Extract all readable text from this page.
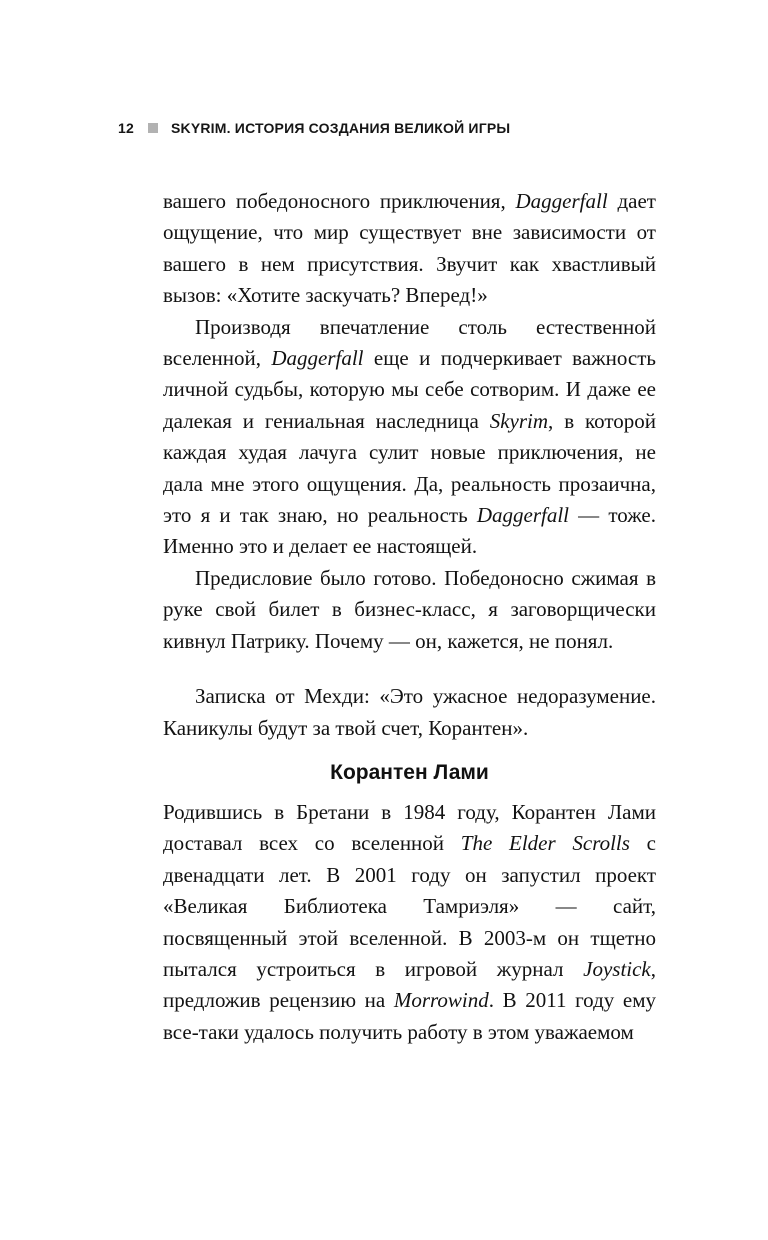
12	SKYRIM. ИСТОРИЯ СОЗДАНИЯ ВЕЛИКОЙ ИГРЫ

вашего победоносного приключения, Daggerfall дает ощущение, что мир существует вне зависимости от вашего в нем присутствия. Звучит как хвастливый вызов: «Хотите заскучать? Вперед!»

Производя впечатление столь естественной вселенной, Daggerfall еще и подчеркивает важность личной судьбы, которую мы себе сотворим. И даже ее далекая и гениальная наследница Skyrim, в которой каждая худая лачуга сулит новые приключения, не дала мне этого ощущения. Да, реальность прозаична, это я и так знаю, но реальность Daggerfall — тоже. Именно это и делает ее настоящей.

Предисловие было готово. Победоносно сжимая в руке свой билет в бизнес-класс, я заговорщически кивнул Патрику. Почему — он, кажется, не понял.

Записка от Мехди: «Это ужасное недоразумение. Каникулы будут за твой счет, Корантен».

Корантен Лами

Родившись в Бретани в 1984 году, Корантен Лами доставал всех со вселенной The Elder Scrolls с двенадцати лет. В 2001 году он запустил проект «Великая Библиотека Тамриэля» — сайт, посвященный этой вселенной. В 2003-м он тщетно пытался устроиться в игровой журнал Joystick, предложив рецензию на Morrowind. В 2011 году ему все-таки удалось получить работу в этом уважаемом
